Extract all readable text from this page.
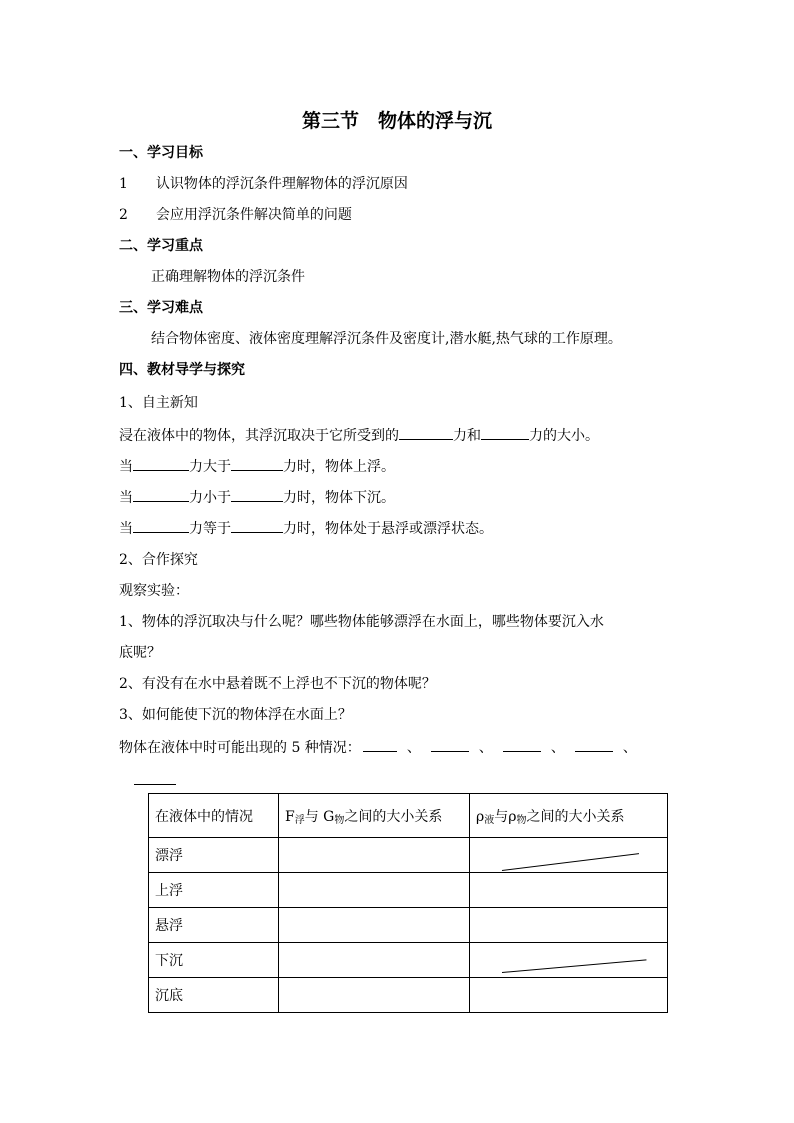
第三节　物体的浮与沉
一、学习目标
1　　认识物体的浮沉条件理解物体的浮沉原因
2　　会应用浮沉条件解决简单的问题
二、学习重点
正确理解物体的浮沉条件
三、学习难点
结合物体密度、液体密度理解浮沉条件及密度计,潜水艇,热气球的工作原理。
四、教材导学与探究
1、自主新知
浸在液体中的物体，其浮沉取决于它所受到的	力和	力的大小。
当	力大于	力时，物体上浮。
当	力小于	力时，物体下沉。
当	力等于	力时，物体处于悬浮或漂浮状态。
2、合作探究
观察实验：
1、物体的浮沉取决与什么呢？哪些物体能够漂浮在水面上，哪些物体要沉入水
底呢？
2、有没有在水中悬着既不上浮也不下沉的物体呢？
3、如何能使下沉的物体浮在水面上？
物体在液体中时可能出现的 5 种情况：	、	、	、	、
在液体中的情况	$F_浮$与 $G_物$之间的大小关系	$\rho_液$与$\rho_物$之间的大小关系
漂浮		
上浮		
悬浮		
下沉		
沉底		
